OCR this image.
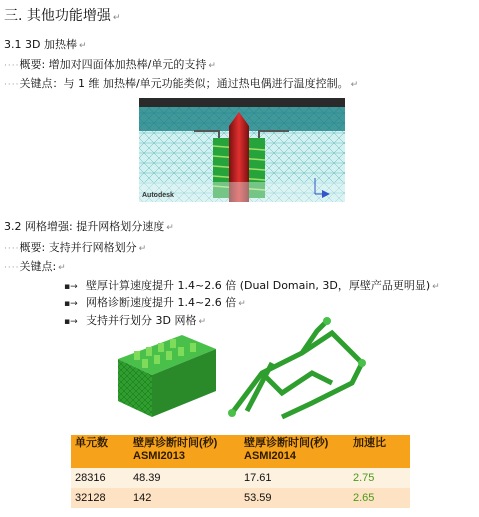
三. 其他功能增强 ↵
3.1 3D 加热棒 ↵
····概要: 增加对四面体加热棒/单元的支持 ↵
····关键点：与 1 维 加热棒/单元功能类似；通过热电偶进行温度控制。 ↵
Autodesk
3.2 网格增强: 提升网格划分速度 ↵
····概要: 支持并行网格划分 ↵
····关键点: ↵
▪→ 壁厚计算速度提升 1.4~2.6 倍 (Dual Domain, 3D，厚壁产品更明显) ↵
▪→ 网格诊断速度提升 1.4~2.6 倍 ↵
▪→ 支持并行划分 3D 网格 ↵
单元数	壁厚诊断时间(秒) ASMI2013	壁厚诊断时间(秒) ASMI2014	加速比
28316	48.39	17.61	2.75
32128	142	53.59	2.65
